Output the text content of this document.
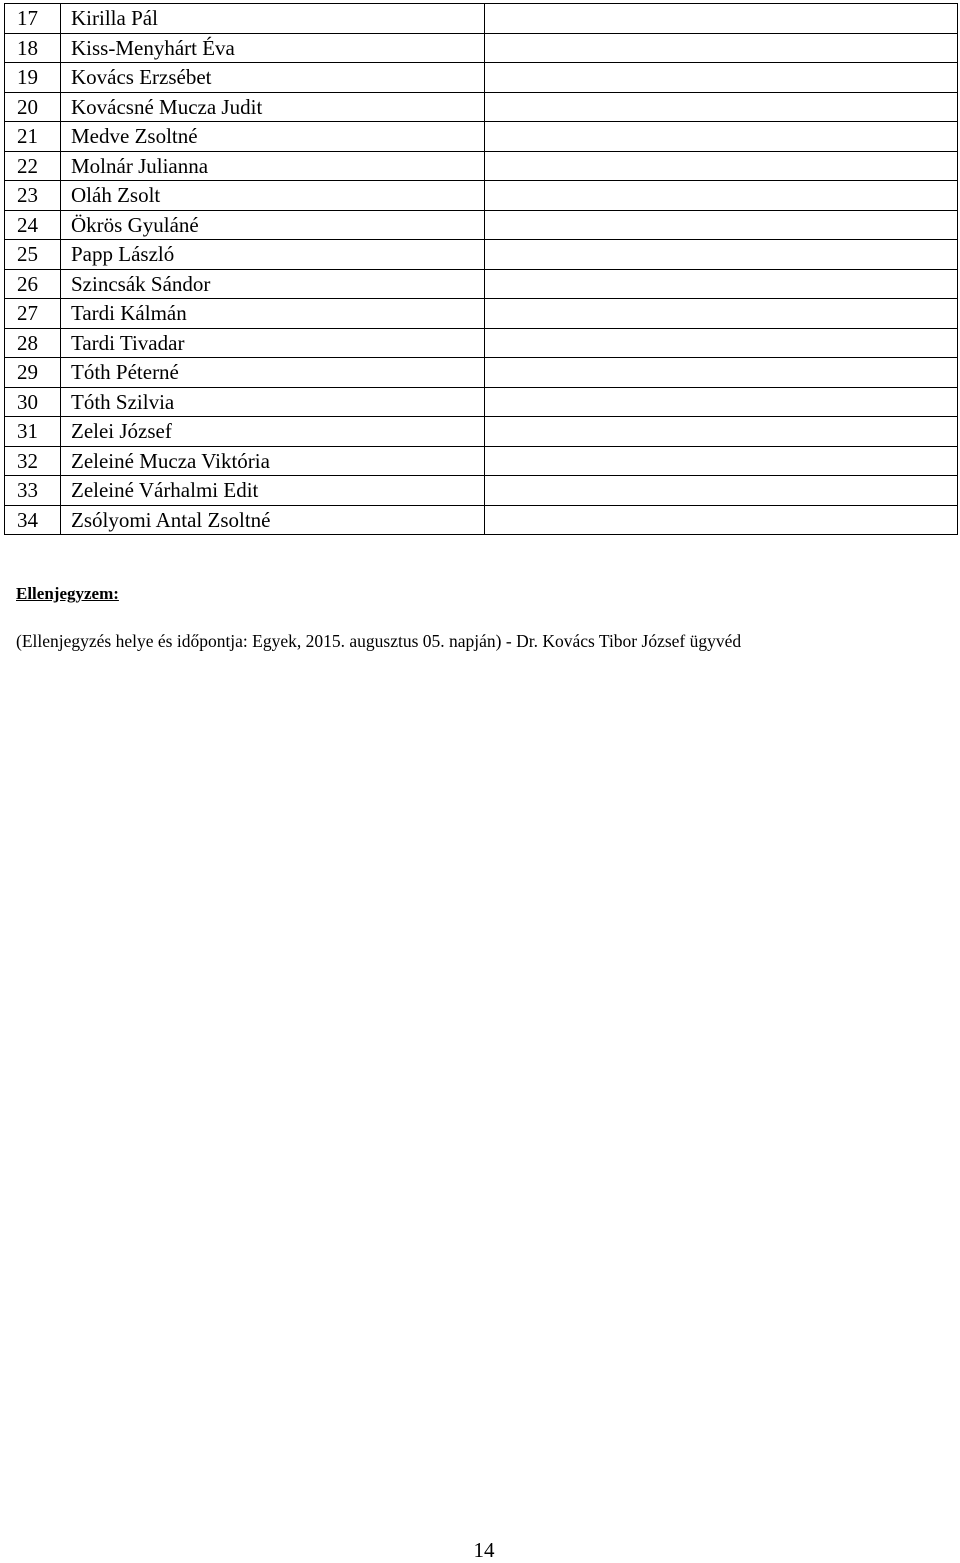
17	Kirilla Pál	
18	Kiss-Menyhárt Éva	
19	Kovács Erzsébet	
20	Kovácsné Mucza Judit	
21	Medve Zsoltné	
22	Molnár Julianna	
23	Oláh Zsolt	
24	Ökrös Gyuláné	
25	Papp László	
26	Szincsák Sándor	
27	Tardi Kálmán	
28	Tardi Tivadar	
29	Tóth Péterné	
30	Tóth Szilvia	
31	Zelei József	
32	Zeleiné Mucza Viktória	
33	Zeleiné Várhalmi Edit	
34	Zsólyomi Antal Zsoltné	
Ellenjegyzem:
(Ellenjegyzés helye és időpontja: Egyek, 2015. augusztus 05. napján) - Dr. Kovács Tibor József ügyvéd
14
